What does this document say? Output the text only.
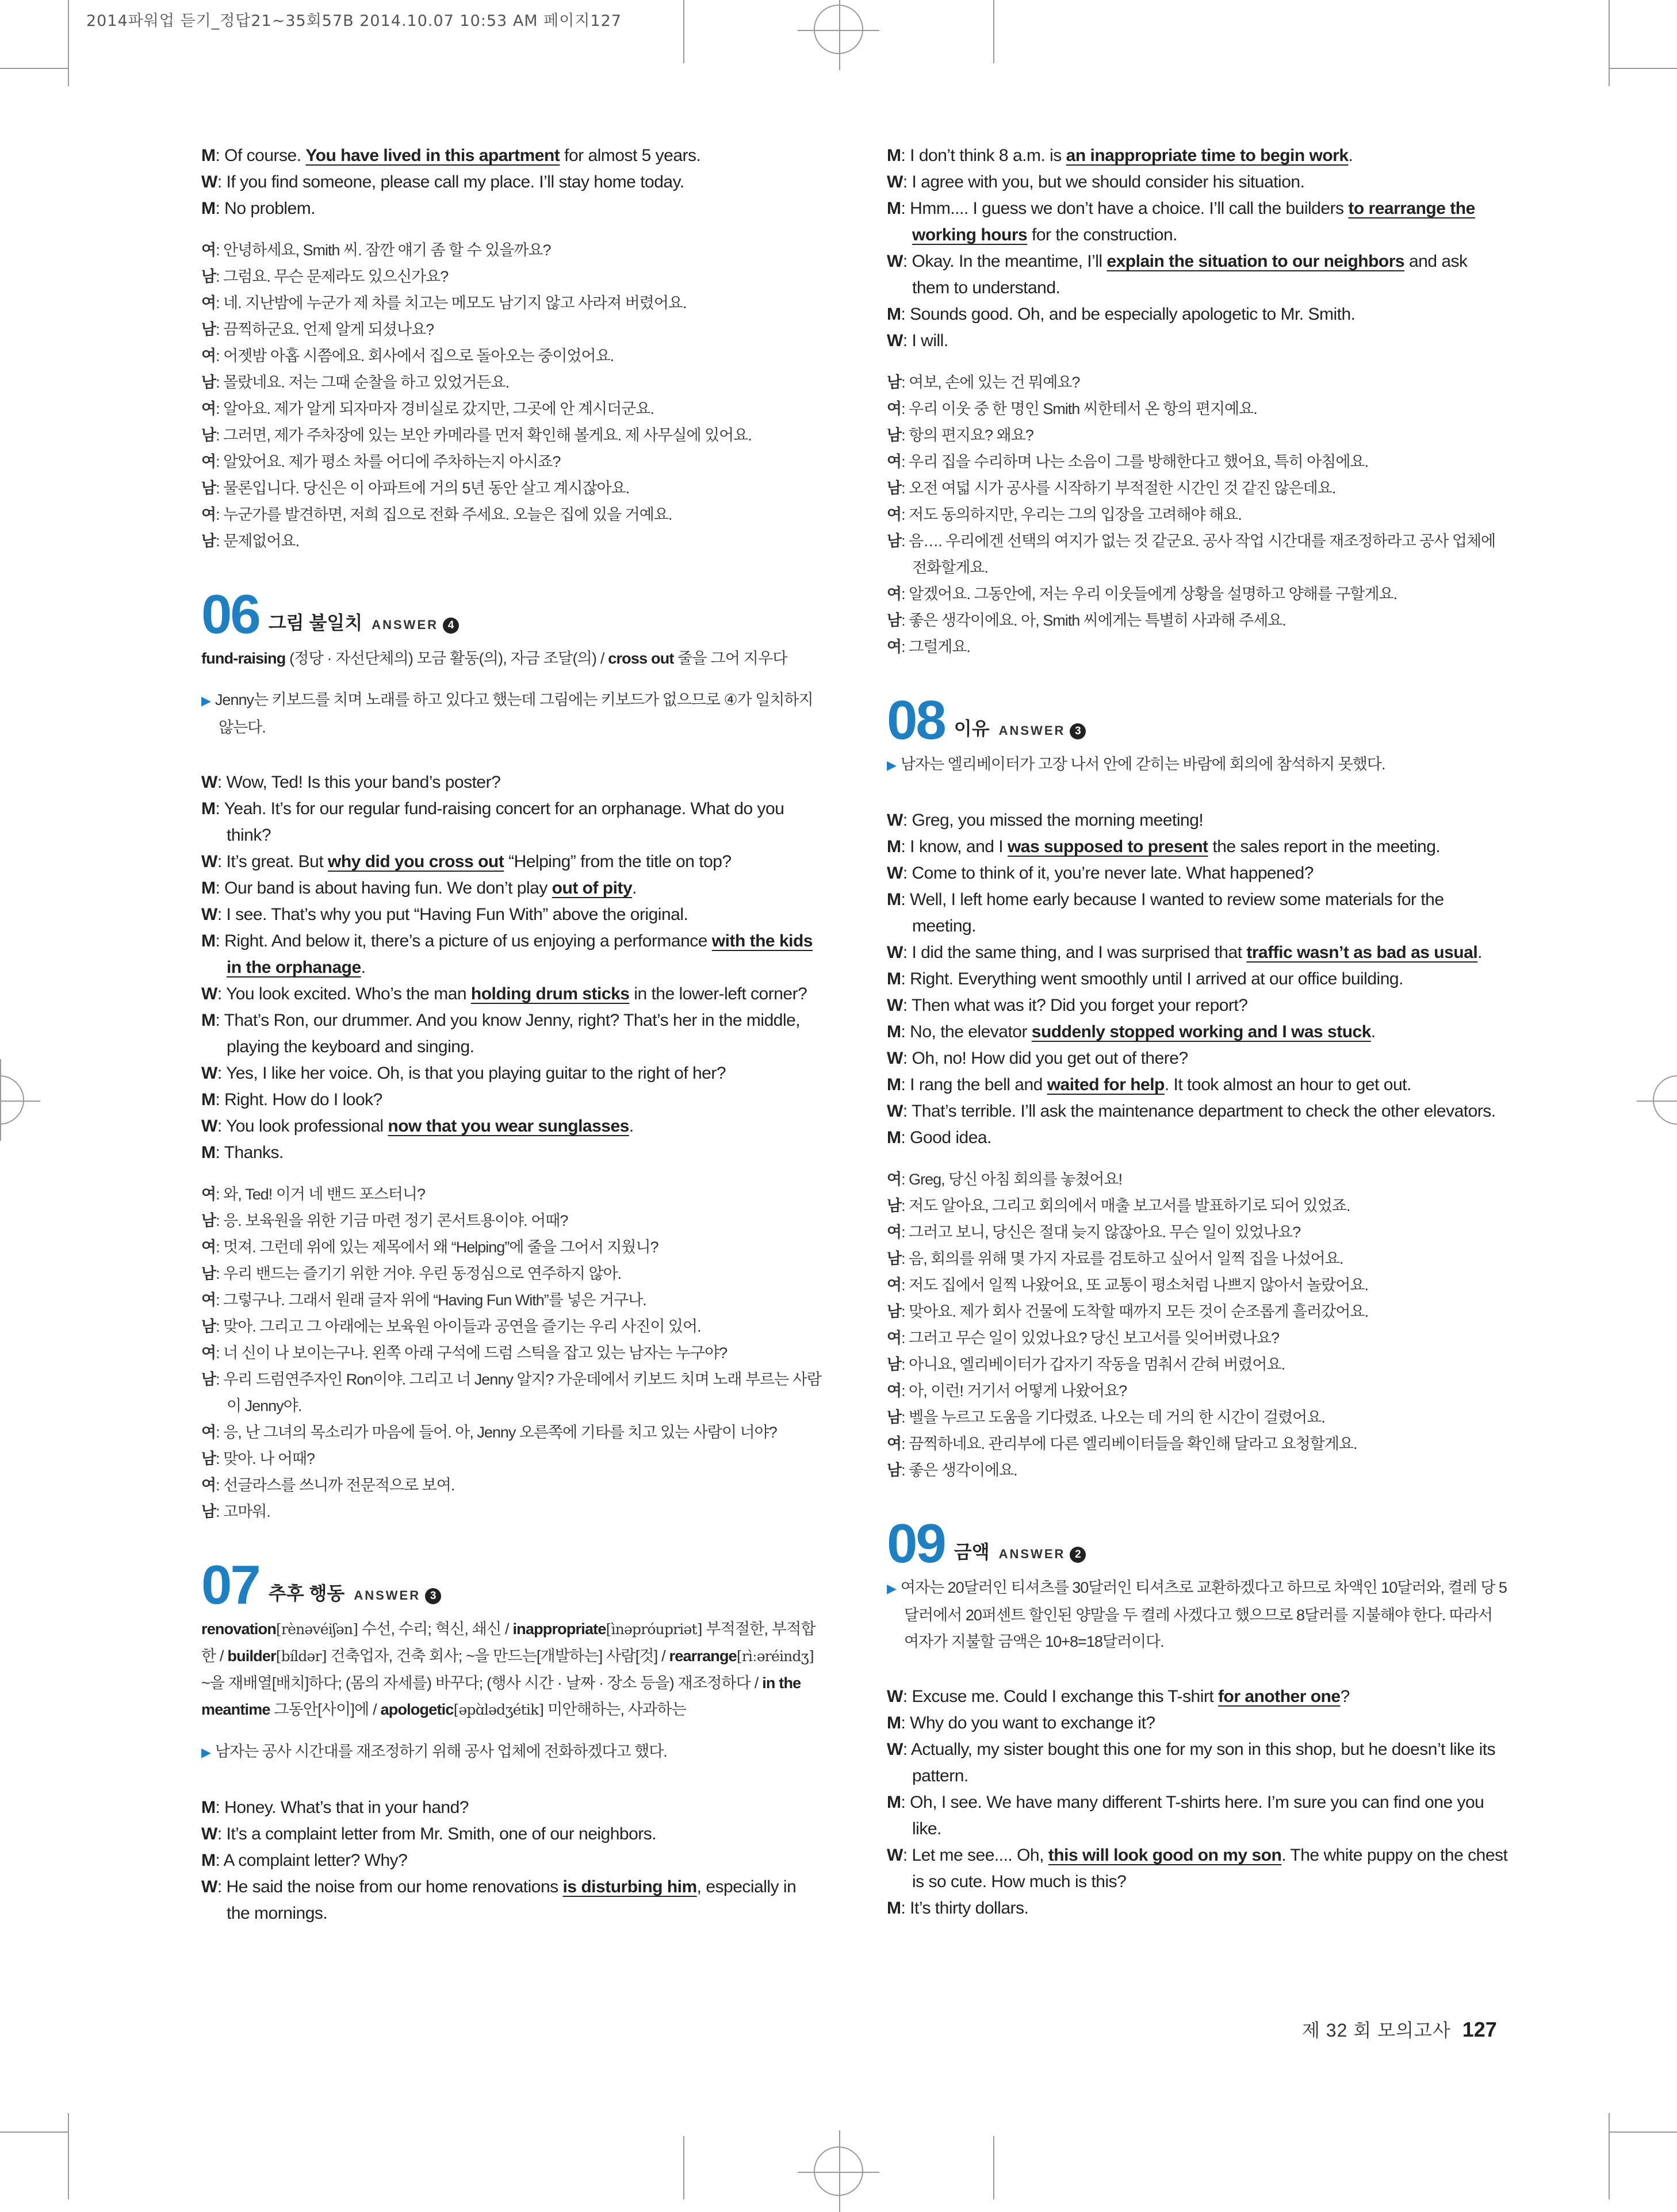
2014파워업 듣기_정답21~35회57B 2014.10.07 10:53 AM 페이지127
M: Of course. You have lived in this apartment for almost 5 years.
W: If you find someone, please call my place. I’ll stay home today.
M: No problem.
여: 안녕하세요, Smith 씨. 잠깐 얘기 좀 할 수 있을까요?
남: 그럼요. 무슨 문제라도 있으신가요?
여: 네. 지난밤에 누군가 제 차를 치고는 메모도 남기지 않고 사라져 버렸어요.
남: 끔찍하군요. 언제 알게 되셨나요?
여: 어젯밤 아홉 시쯤에요. 회사에서 집으로 돌아오는 중이었어요.
남: 몰랐네요. 저는 그때 순찰을 하고 있었거든요.
여: 알아요. 제가 알게 되자마자 경비실로 갔지만, 그곳에 안 계시더군요.
남: 그러면, 제가 주차장에 있는 보안 카메라를 먼저 확인해 볼게요. 제 사무실에 있어요.
여: 알았어요. 제가 평소 차를 어디에 주차하는지 아시죠?
남: 물론입니다. 당신은 이 아파트에 거의 5년 동안 살고 계시잖아요.
여: 누군가를 발견하면, 저희 집으로 전화 주세요. 오늘은 집에 있을 거예요.
남: 문제없어요.
06 그림 불일치 ANSWER 4
fund-raising (정당 · 자선단체의) 모금 활동(의), 자금 조달(의) / cross out 줄을 그어 지우다
▶ Jenny는 키보드를 치며 노래를 하고 있다고 했는데 그림에는 키보드가 없으므로 ④가 일치하지 않는다.
W: Wow, Ted! Is this your band’s poster?
M: Yeah. It’s for our regular fund-raising concert for an orphanage. What do you think?
W: It’s great. But why did you cross out “Helping” from the title on top?
M: Our band is about having fun. We don’t play out of pity.
W: I see. That’s why you put “Having Fun With” above the original.
M: Right. And below it, there’s a picture of us enjoying a performance with the kids in the orphanage.
W: You look excited. Who’s the man holding drum sticks in the lower-left corner?
M: That’s Ron, our drummer. And you know Jenny, right? That’s her in the middle, playing the keyboard and singing.
W: Yes, I like her voice. Oh, is that you playing guitar to the right of her?
M: Right. How do I look?
W: You look professional now that you wear sunglasses.
M: Thanks.
여: 와, Ted! 이거 네 밴드 포스터니?
남: 응. 보육원을 위한 기금 마련 정기 콘서트용이야. 어때?
여: 멋져. 그런데 위에 있는 제목에서 왜 “Helping”에 줄을 그어서 지웠니?
남: 우리 밴드는 즐기기 위한 거야. 우린 동정심으로 연주하지 않아.
여: 그렇구나. 그래서 원래 글자 위에 “Having Fun With”를 넣은 거구나.
남: 맞아. 그리고 그 아래에는 보육원 아이들과 공연을 즐기는 우리 사진이 있어.
여: 너 신이 나 보이는구나. 왼쪽 아래 구석에 드럼 스틱을 잡고 있는 남자는 누구야?
남: 우리 드럼연주자인 Ron이야. 그리고 너 Jenny 알지? 가운데에서 키보드 치며 노래 부르는 사람이 Jenny야.
여: 응, 난 그녀의 목소리가 마음에 들어. 아, Jenny 오른쪽에 기타를 치고 있는 사람이 너야?
남: 맞아. 나 어때?
여: 선글라스를 쓰니까 전문적으로 보여.
남: 고마워.
07 추후 행동 ANSWER 3
renovation[rènəvéiʃən] 수선, 수리; 혁신, 쇄신 / inappropriate[ìnəpróupriət] 부적절한, 부적합한 / builder[bíldər] 건축업자, 건축 회사; ~을 만드는[개발하는] 사람[것] / rearrange[rìːəréindʒ] ~을 재배열[배치]하다; (몸의 자세를) 바꾸다; (행사 시간 · 날짜 · 장소 등을) 재조정하다 / in the meantime 그동안[사이]에 / apologetic[əpɑ̀lədʒétik] 미안해하는, 사과하는
▶ 남자는 공사 시간대를 재조정하기 위해 공사 업체에 전화하겠다고 했다.
M: Honey. What’s that in your hand?
W: It’s a complaint letter from Mr. Smith, one of our neighbors.
M: A complaint letter? Why?
W: He said the noise from our home renovations is disturbing him, especially in the mornings.
M: I don’t think 8 a.m. is an inappropriate time to begin work.
W: I agree with you, but we should consider his situation.
M: Hmm.... I guess we don’t have a choice. I’ll call the builders to rearrange the working hours for the construction.
W: Okay. In the meantime, I’ll explain the situation to our neighbors and ask them to understand.
M: Sounds good. Oh, and be especially apologetic to Mr. Smith.
W: I will.
남: 여보, 손에 있는 건 뭐예요?
여: 우리 이웃 중 한 명인 Smith 씨한테서 온 항의 편지예요.
남: 항의 편지요? 왜요?
여: 우리 집을 수리하며 나는 소음이 그를 방해한다고 했어요, 특히 아침에요.
남: 오전 여덟 시가 공사를 시작하기 부적절한 시간인 것 같진 않은데요.
여: 저도 동의하지만, 우리는 그의 입장을 고려해야 해요.
남: 음…. 우리에겐 선택의 여지가 없는 것 같군요. 공사 작업 시간대를 재조정하라고 공사 업체에 전화할게요.
여: 알겠어요. 그동안에, 저는 우리 이웃들에게 상황을 설명하고 양해를 구할게요.
남: 좋은 생각이에요. 아, Smith 씨에게는 특별히 사과해 주세요.
여: 그럴게요.
08 이유 ANSWER 3
▶ 남자는 엘리베이터가 고장 나서 안에 갇히는 바람에 회의에 참석하지 못했다.
W: Greg, you missed the morning meeting!
M: I know, and I was supposed to present the sales report in the meeting.
W: Come to think of it, you’re never late. What happened?
M: Well, I left home early because I wanted to review some materials for the meeting.
W: I did the same thing, and I was surprised that traffic wasn’t as bad as usual.
M: Right. Everything went smoothly until I arrived at our office building.
W: Then what was it? Did you forget your report?
M: No, the elevator suddenly stopped working and I was stuck.
W: Oh, no! How did you get out of there?
M: I rang the bell and waited for help. It took almost an hour to get out.
W: That’s terrible. I’ll ask the maintenance department to check the other elevators.
M: Good idea.
여: Greg, 당신 아침 회의를 놓쳤어요!
남: 저도 알아요, 그리고 회의에서 매출 보고서를 발표하기로 되어 있었죠.
여: 그러고 보니, 당신은 절대 늦지 않잖아요. 무슨 일이 있었나요?
남: 음, 회의를 위해 몇 가지 자료를 검토하고 싶어서 일찍 집을 나섰어요.
여: 저도 집에서 일찍 나왔어요, 또 교통이 평소처럼 나쁘지 않아서 놀랐어요.
남: 맞아요. 제가 회사 건물에 도착할 때까지 모든 것이 순조롭게 흘러갔어요.
여: 그러고 무슨 일이 있었나요? 당신 보고서를 잊어버렸나요?
남: 아니요, 엘리베이터가 갑자기 작동을 멈춰서 갇혀 버렸어요.
여: 아, 이런! 거기서 어떻게 나왔어요?
남: 벨을 누르고 도움을 기다렸죠. 나오는 데 거의 한 시간이 걸렸어요.
여: 끔찍하네요. 관리부에 다른 엘리베이터들을 확인해 달라고 요청할게요.
남: 좋은 생각이에요.
09 금액 ANSWER 2
▶ 여자는 20달러인 티셔츠를 30달러인 티셔츠로 교환하겠다고 하므로 차액인 10달러와, 켤레 당 5달러에서 20퍼센트 할인된 양말을 두 켤레 사겠다고 했으므로 8달러를 지불해야 한다. 따라서 여자가 지불할 금액은 10+8=18달러이다.
W: Excuse me. Could I exchange this T-shirt for another one?
M: Why do you want to exchange it?
W: Actually, my sister bought this one for my son in this shop, but he doesn’t like its pattern.
M: Oh, I see. We have many different T-shirts here. I’m sure you can find one you like.
W: Let me see.... Oh, this will look good on my son. The white puppy on the chest is so cute. How much is this?
M: It’s thirty dollars.
제 32 회 모의고사 127
